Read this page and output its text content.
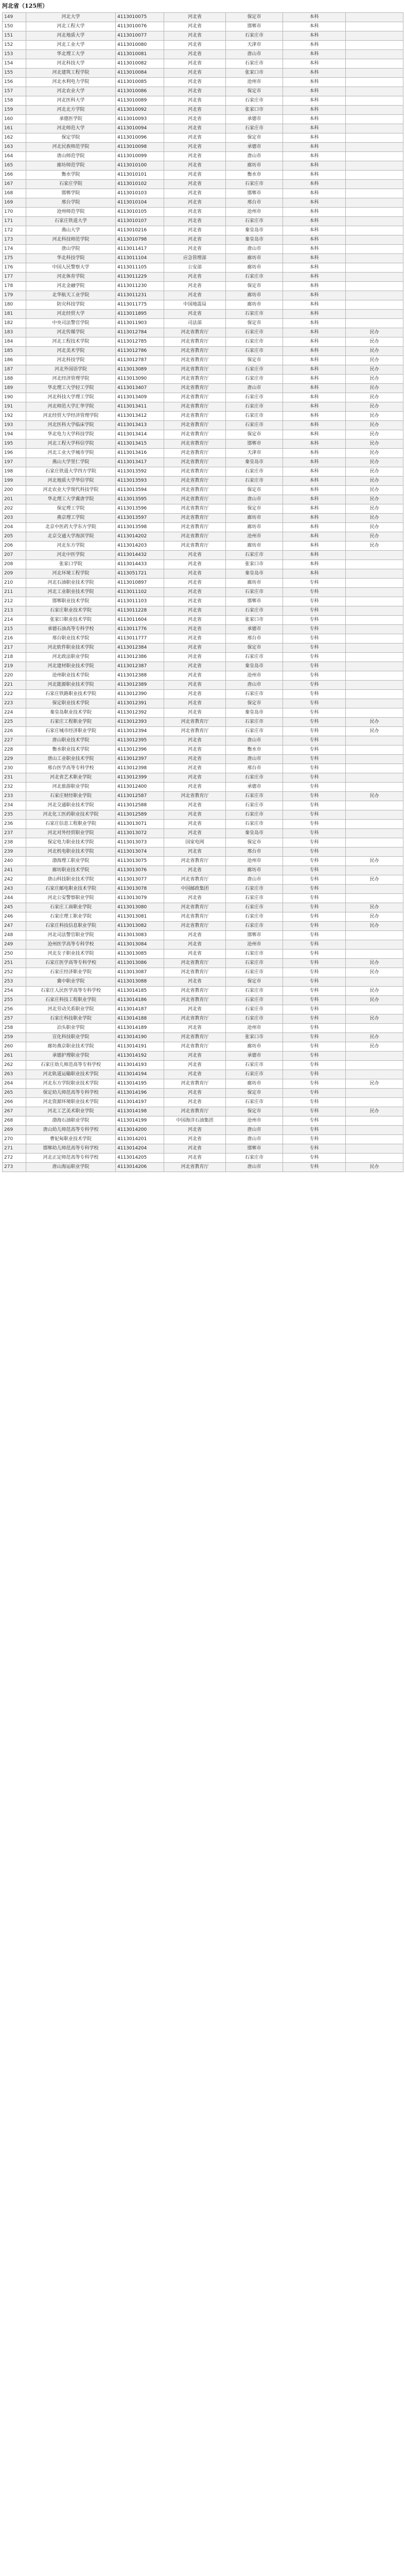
河北省（125所）
149	河北大学	4113010075	河北省	保定市	本科	
150	河北工程大学	4113010076	河北省	邯郸市	本科	
151	河北地质大学	4113010077	河北省	石家庄市	本科	
152	河北工业大学	4113010080	河北省	天津市	本科	
153	华北理工大学	4113010081	河北省	唐山市	本科	
154	河北科技大学	4113010082	河北省	石家庄市	本科	
155	河北建筑工程学院	4113010084	河北省	张家口市	本科	
156	河北水利电力学院	4113010085	河北省	沧州市	本科	
157	河北农业大学	4113010086	河北省	保定市	本科	
158	河北医科大学	4113010089	河北省	石家庄市	本科	
159	河北北方学院	4113010092	河北省	张家口市	本科	
160	承德医学院	4113010093	河北省	承德市	本科	
161	河北师范大学	4113010094	河北省	石家庄市	本科	
162	保定学院	4113010096	河北省	保定市	本科	
163	河北民族师范学院	4113010098	河北省	承德市	本科	
164	唐山师范学院	4113010099	河北省	唐山市	本科	
165	廊坊师范学院	4113010100	河北省	廊坊市	本科	
166	衡水学院	4113010101	河北省	衡水市	本科	
167	石家庄学院	4113010102	河北省	石家庄市	本科	
168	邯郸学院	4113010103	河北省	邯郸市	本科	
169	邢台学院	4113010104	河北省	邢台市	本科	
170	沧州师范学院	4113010105	河北省	沧州市	本科	
171	石家庄铁道大学	4113010107	河北省	石家庄市	本科	
172	燕山大学	4113010216	河北省	秦皇岛市	本科	
173	河北科技师范学院	4113010798	河北省	秦皇岛市	本科	
174	唐山学院	4113011417	河北省	唐山市	本科	
175	华北科技学院	4113011104	应急管理部	廊坊市	本科	
176	中国人民警察大学	4113011105	公安部	廊坊市	本科	
177	河北体育学院	4113011229	河北省	石家庄市	本科	
178	河北金融学院	4113011230	河北省	保定市	本科	
179	北华航天工业学院	4113011231	河北省	廊坊市	本科	
180	防灾科技学院	4113011775	中国地震局	廊坊市	本科	
181	河北经贸大学	4113011895	河北省	石家庄市	本科	
182	中央司法警官学院	4113011903	司法部	保定市	本科	
183	河北传媒学院	4113012784	河北省教育厅	石家庄市	本科	民办
184	河北工程技术学院	4113012785	河北省教育厅	石家庄市	本科	民办
185	河北美术学院	4113012786	河北省教育厅	石家庄市	本科	民办
186	河北科技学院	4113012787	河北省教育厅	保定市	本科	民办
187	河北外国语学院	4113013089	河北省教育厅	石家庄市	本科	民办
188	河北经济管理学院	4113013090	河北省教育厅	石家庄市	本科	民办
189	华北理工大学轻工学院	4113013407	河北省教育厅	唐山市	本科	民办
190	河北科技大学理工学院	4113013409	河北省教育厅	石家庄市	本科	民办
191	河北师范大学汇华学院	4113013411	河北省教育厅	石家庄市	本科	民办
192	河北经贸大学经济管理学院	4113013412	河北省教育厅	石家庄市	本科	民办
193	河北医科大学临床学院	4113013413	河北省教育厅	石家庄市	本科	民办
194	华北电力大学科技学院	4113013414	河北省教育厅	保定市	本科	民办
195	河北工程大学科信学院	4113013415	河北省教育厅	邯郸市	本科	民办
196	河北工业大学城市学院	4113013416	河北省教育厅	天津市	本科	民办
197	燕山大学里仁学院	4113013417	河北省教育厅	秦皇岛市	本科	民办
198	石家庄铁道大学四方学院	4113013592	河北省教育厅	石家庄市	本科	民办
199	河北地质大学华信学院	4113013593	河北省教育厅	石家庄市	本科	民办
200	河北农业大学现代科技学院	4113013594	河北省教育厅	保定市	本科	民办
201	华北理工大学冀唐学院	4113013595	河北省教育厅	唐山市	本科	民办
202	保定理工学院	4113013596	河北省教育厅	保定市	本科	民办
203	燕京理工学院	4113013597	河北省教育厅	廊坊市	本科	民办
204	北京中医药大学东方学院	4113013598	河北省教育厅	廊坊市	本科	民办
205	北京交通大学海滨学院	4113014202	河北省教育厅	沧州市	本科	民办
206	河北东方学院	4113014203	河北省教育厅	廊坊市	本科	民办
207	河北中医学院	4113014432	河北省	石家庄市	本科	
208	张家口学院	4113014433	河北省	张家口市	本科	
209	河北环境工程学院	4113051721	河北省	秦皇岛市	本科	
210	河北石油职业技术学院	4113010897	河北省	廊坊市	专科	
211	河北工业职业技术学院	4113011102	河北省	石家庄市	专科	
212	邯郸职业技术学院	4113011103	河北省	邯郸市	专科	
213	石家庄职业技术学院	4113011228	河北省	石家庄市	专科	
214	张家口职业技术学院	4113011604	河北省	张家口市	专科	
215	承德石油高等专科学校	4113011776	河北省	承德市	专科	
216	邢台职业技术学院	4113011777	河北省	邢台市	专科	
217	河北软件职业技术学院	4113012384	河北省	保定市	专科	
218	河北政法职业学院	4113012386	河北省	石家庄市	专科	
219	河北建材职业技术学院	4113012387	河北省	秦皇岛市	专科	
220	沧州职业技术学院	4113012388	河北省	沧州市	专科	
221	河北能源职业技术学院	4113012389	河北省	唐山市	专科	
222	石家庄铁路职业技术学院	4113012390	河北省	石家庄市	专科	
223	保定职业技术学院	4113012391	河北省	保定市	专科	
224	秦皇岛职业技术学院	4113012392	河北省	秦皇岛市	专科	
225	石家庄工程职业学院	4113012393	河北省教育厅	石家庄市	专科	民办
226	石家庄城市经济职业学院	4113012394	河北省教育厅	石家庄市	专科	民办
227	唐山职业技术学院	4113012395	河北省	唐山市	专科	
228	衡水职业技术学院	4113012396	河北省	衡水市	专科	
229	唐山工业职业技术学院	4113012397	河北省	唐山市	专科	
230	邢台医学高等专科学校	4113012398	河北省	邢台市	专科	
231	河北省艺术职业学院	4113012399	河北省	石家庄市	专科	
232	河北旅游职业学院	4113012400	河北省	承德市	专科	
233	石家庄财经职业学院	4113012587	河北省教育厅	石家庄市	专科	民办
234	河北交通职业技术学院	4113012588	河北省	石家庄市	专科	
235	河北化工医药职业技术学院	4113012589	河北省	石家庄市	专科	
236	石家庄信息工程职业学院	4113013071	河北省	石家庄市	专科	
237	河北对外经贸职业学院	4113013072	河北省	秦皇岛市	专科	
238	保定电力职业技术学院	4113013073	国家电网	保定市	专科	
239	河北机电职业技术学院	4113013074	河北省	邢台市	专科	
240	渤海理工职业学院	4113013075	河北省教育厅	沧州市	专科	民办
241	廊坊职业技术学院	4113013076	河北省	廊坊市	专科	
242	唐山科技职业技术学院	4113013077	河北省教育厅	唐山市	专科	民办
243	石家庄邮电职业技术学院	4113013078	中国邮政集团	石家庄市	专科	
244	河北公安警察职业学院	4113013079	河北省	石家庄市	专科	
245	石家庄工商职业学院	4113013080	河北省教育厅	石家庄市	专科	民办
246	石家庄理工职业学院	4113013081	河北省教育厅	石家庄市	专科	民办
247	石家庄科技信息职业学院	4113013082	河北省教育厅	石家庄市	专科	民办
248	河北司法警官职业学院	4113013083	河北省	邯郸市	专科	
249	沧州医学高等专科学校	4113013084	河北省	沧州市	专科	
250	河北女子职业技术学院	4113013085	河北省	石家庄市	专科	
251	石家庄医学高等专科学校	4113013086	河北省教育厅	石家庄市	专科	民办
252	石家庄经济职业学院	4113013087	河北省教育厅	石家庄市	专科	民办
253	冀中职业学院	4113013088	河北省	保定市	专科	
254	石家庄人民医学高等专科学校	4113014185	河北省教育厅	石家庄市	专科	民办
255	石家庄科技工程职业学院	4113014186	河北省教育厅	石家庄市	专科	民办
256	河北劳动关系职业学院	4113014187	河北省	石家庄市	专科	
257	石家庄科技职业学院	4113014188	河北省教育厅	石家庄市	专科	民办
258	泊头职业学院	4113014189	河北省	沧州市	专科	
259	宣化科技职业学院	4113014190	河北省教育厅	张家口市	专科	民办
260	廊坊燕京职业技术学院	4113014191	河北省教育厅	廊坊市	专科	民办
261	承德护理职业学院	4113014192	河北省	承德市	专科	
262	石家庄幼儿师范高等专科学校	4113014193	河北省	石家庄市	专科	
263	河北轨道运输职业技术学院	4113014194	河北省	石家庄市	专科	
264	河北东方学院职业技术学院	4113014195	河北省教育厅	廊坊市	专科	民办
265	保定幼儿师范高等专科学校	4113014196	河北省	保定市	专科	
266	河北资源环境职业技术学院	4113014197	河北省	石家庄市	专科	
267	河北工艺美术职业学院	4113014198	河北省教育厅	保定市	专科	民办
268	渤海石油职业学院	4113014199	中国海洋石油集团	沧州市	专科	
269	唐山幼儿师范高等专科学校	4113014200	河北省	唐山市	专科	
270	曹妃甸职业技术学院	4113014201	河北省	唐山市	专科	
271	邯郸幼儿师范高等专科学校	4113014204	河北省	邯郸市	专科	
272	河北正定师范高等专科学校	4113014205	河北省	石家庄市	专科	
273	唐山海运职业学院	4113014206	河北省教育厅	唐山市	专科	民办
